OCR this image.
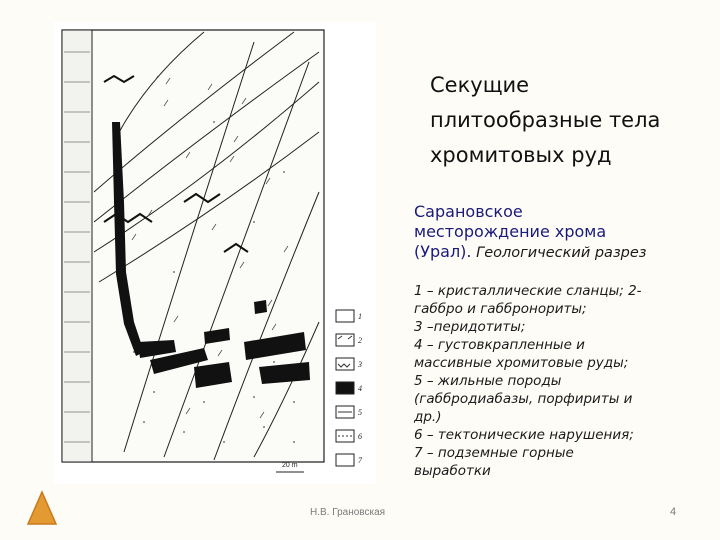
1
2
3
4
5
6
7
20 m
Секущие
плитообразные тела
хромитовых руд
Сарановское
месторождение хрома
(Урал). Геологический разрез
1 – кристаллические сланцы; 2-
габбро и габбронориты;
3 –перидотиты;
4 – густовкрапленные и
массивные хромитовые руды;
5 – жильные породы
(габбродиабазы, порфириты и
др.)
6 – тектонические нарушения;
7 – подземные горные
выработки
Н.В. Грановская	4
